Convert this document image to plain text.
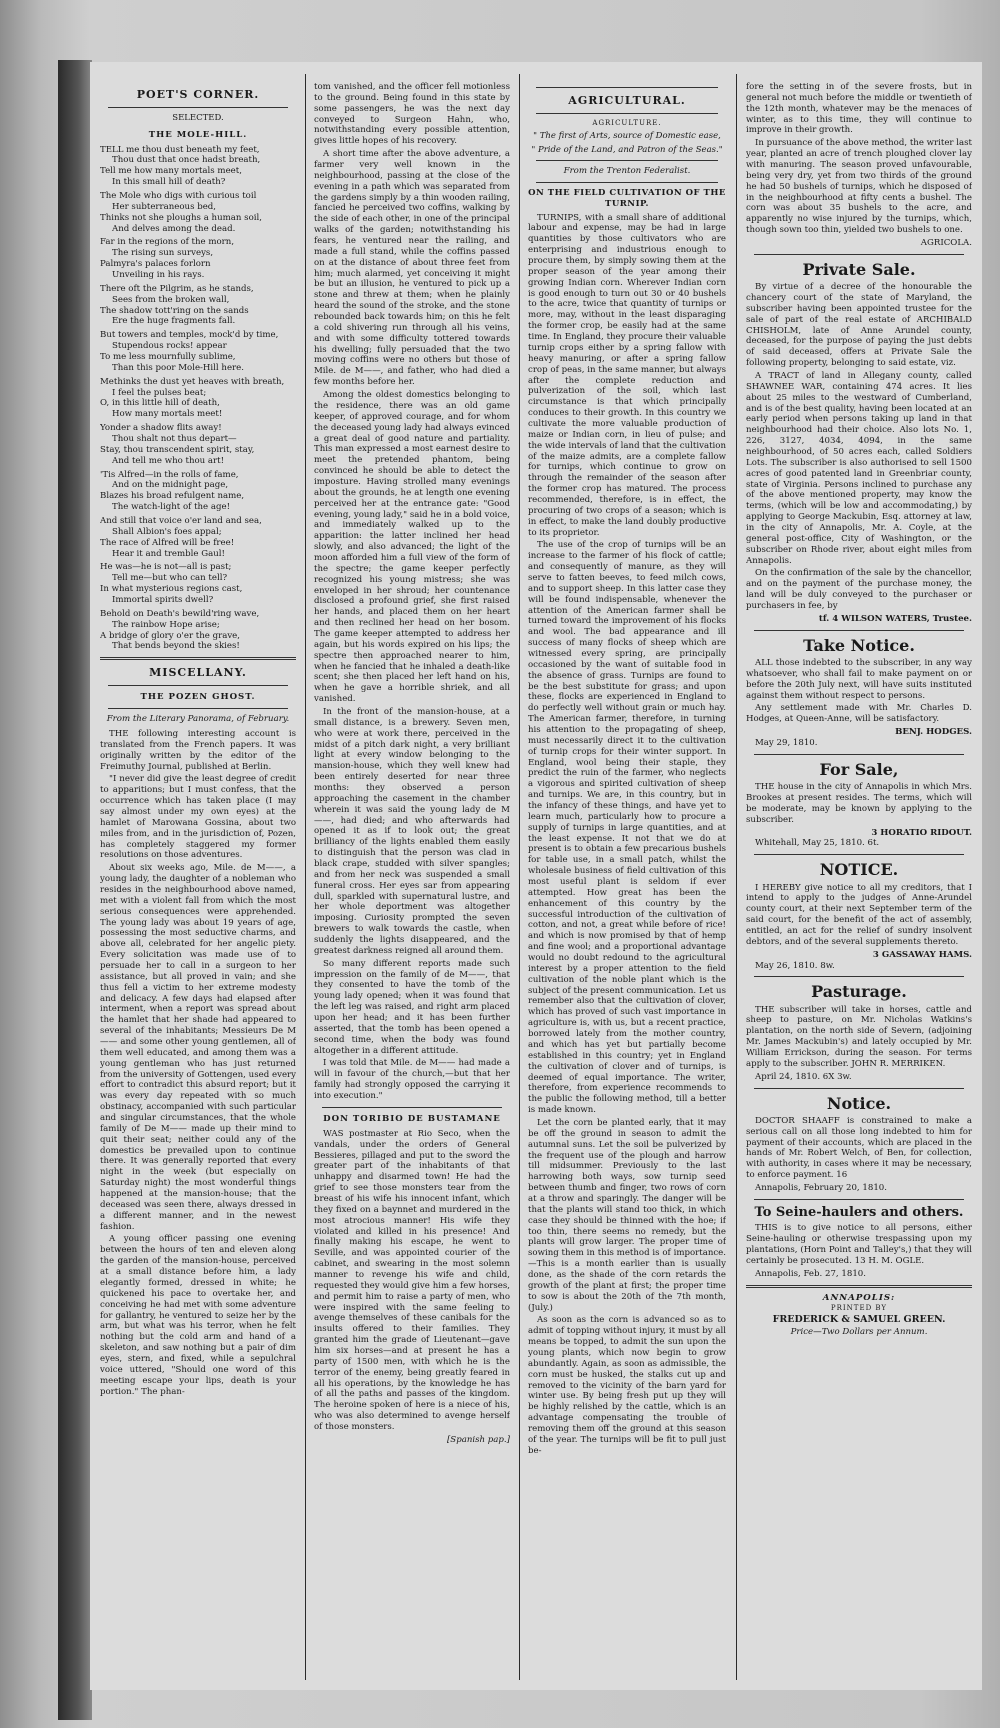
POET'S CORNER.
SELECTED.
THE MOLE-HILL.

TELL me thou dust beneath my feet,

Thou dust that once hadst breath,

Tell me how many mortals meet,

In this small hill of death?

The Mole who digs with curious toil

Her subterraneous bed,

Thinks not she ploughs a human soil,

And delves among the dead.

Far in the regions of the morn,

The rising sun surveys,

Palmyra's palaces forlorn

Unveiling in his rays.

There oft the Pilgrim, as he stands,

Sees from the broken wall,

The shadow tott'ring on the sands

Ere the huge fragments fall.

But towers and temples, mock'd by time,

Stupendous rocks! appear

To me less mournfully sublime,

Than this poor Mole-Hill here.

Methinks the dust yet heaves with breath,

I feel the pulses beat;

O, in this little hill of death,

How many mortals meet!

Yonder a shadow flits away!

Thou shalt not thus depart—

Stay, thou transcendent spirit, stay,

And tell me who thou art!

'Tis Alfred—in the rolls of fame,

And on the midnight page,

Blazes his broad refulgent name,

The watch-light of the age!

And still that voice o'er land and sea,

Shall Albion's foes appal;

The race of Alfred will be free!

Hear it and tremble Gaul!

He was—he is not—all is past;

Tell me—but who can tell?

In what mysterious regions cast,

Immortal spirits dwell?

Behold on Death's bewild'ring wave,

The rainbow Hope arise;

A bridge of glory o'er the grave,

That bends beyond the skies!

MISCELLANY.
THE POZEN GHOST.
From the Literary Panorama, of February.

THE following interesting account is translated from the French papers. It was originally written by the editor of the Freimuthy Journal, published at Berlin.

"I never did give the least degree of credit to apparitions; but I must confess, that the occurrence which has taken place (I may say almost under my own eyes) at the hamlet of Marowana Gossina, about two miles from, and in the jurisdiction of, Pozen, has completely staggered my former resolutions on those adventures.

About six weeks ago, Mile. de M——, a young lady, the daughter of a nobleman who resides in the neighbourhood above named, met with a violent fall from which the most serious consequences were apprehended. The young lady was about 19 years of age, possessing the most seductive charms, and above all, celebrated for her angelic piety. Every solicitation was made use of to persuade her to call in a surgeon to her assistance, but all proved in vain; and she thus fell a victim to her extreme modesty and delicacy. A few days had elapsed after interment, when a report was spread about the hamlet that her shade had appeared to several of the inhabitants; Messieurs De M—— and some other young gentlemen, all of them well educated, and among them was a young gentleman who has just returned from the university of Gottengen, used every effort to contradict this absurd report; but it was every day repeated with so much obstinacy, accompanied with such particular and singular circumstances, that the whole family of De M—— made up their mind to quit their seat; neither could any of the domestics be prevailed upon to continue there. It was generally reported that every night in the week (but especially on Saturday night) the most wonderful things happened at the mansion-house; that the deceased was seen there, always dressed in a different manner, and in the newest fashion.

A young officer passing one evening between the hours of ten and eleven along the garden of the mansion-house, perceived at a small distance before him, a lady elegantly formed, dressed in white; he quickened his pace to overtake her, and conceiving he had met with some adventure for gallantry, he ventured to seize her by the arm, but what was his terror, when he felt nothing but the cold arm and hand of a skeleton, and saw nothing but a pair of dim eyes, stern, and fixed, while a sepulchral voice uttered, "Should one word of this meeting escape your lips, death is your portion." The phan-

tom vanished, and the officer fell motionless to the ground. Being found in this state by some passengers, he was the next day conveyed to Surgeon Hahn, who, notwithstanding every possible attention, gives little hopes of his recovery.

A short time after the above adventure, a farmer very well known in the neighbourhood, passing at the close of the evening in a path which was separated from the gardens simply by a thin wooden railing, fancied he perceived two coffins, walking by the side of each other, in one of the principal walks of the garden; notwithstanding his fears, he ventured near the railing, and made a full stand, while the coffins passed on at the distance of about three feet from him; much alarmed, yet conceiving it might be but an illusion, he ventured to pick up a stone and threw at them; when he plainly heard the sound of the stroke, and the stone rebounded back towards him; on this he felt a cold shivering run through all his veins, and with some difficulty tottered towards his dwelling; fully persuaded that the two moving coffins were no others but those of Mile. de M——, and father, who had died a few months before her.

Among the oldest domestics belonging to the residence, there was an old game keeper, of approved courage, and for whom the deceased young lady had always evinced a great deal of good nature and partiality. This man expressed a most earnest desire to meet the pretended phantom, being convinced he should be able to detect the imposture. Having strolled many evenings about the grounds, he at length one evening perceived her at the entrance gate: "Good evening, young lady," said he in a bold voice, and immediately walked up to the apparition: the latter inclined her head slowly, and also advanced; the light of the moon afforded him a full view of the form of the spectre; the game keeper perfectly recognized his young mistress; she was enveloped in her shroud; her countenance disclosed a profound grief, she first raised her hands, and placed them on her heart and then reclined her head on her bosom. The game keeper attempted to address her again, but his words expired on his lips; the spectre then approached nearer to him, when he fancied that he inhaled a death-like scent; she then placed her left hand on his, when he gave a horrible shriek, and all vanished.

In the front of the mansion-house, at a small distance, is a brewery. Seven men, who were at work there, perceived in the midst of a pitch dark night, a very brilliant light at every window belonging to the mansion-house, which they well knew had been entirely deserted for near three months: they observed a person approaching the casement in the chamber wherein it was said the young lady de M——, had died; and who afterwards had opened it as if to look out; the great brilliancy of the lights enabled them easily to distinguish that the person was clad in black crape, studded with silver spangles; and from her neck was suspended a small funeral cross. Her eyes sar from appearing dull, sparkled with supernatural lustre, and her whole deportment was altogether imposing. Curiosity prompted the seven brewers to walk towards the castle, when suddenly the lights disappeared, and the greatest darkness reigned all around them.

So many different reports made such impression on the family of de M——, that they consented to have the tomb of the young lady opened; when it was found that the left leg was raised, and right arm placed upon her head; and it has been further asserted, that the tomb has been opened a second time, when the body was found altogether in a different attitude.

I was told that Mile. de M—— had made a will in favour of the church,—but that her family had strongly opposed the carrying it into execution."

DON TORIBIO DE BUSTAMANE

WAS postmaster at Rio Seco, when the vandals, under the orders of General Bessieres, pillaged and put to the sword the greater part of the inhabitants of that unhappy and disarmed town! He had the grief to see those monsters tear from the breast of his wife his innocent infant, which they fixed on a baynnet and murdered in the most atrocious manner! His wife they violated and killed in his presence! And finally making his escape, he went to Seville, and was appointed courier of the cabinet, and swearing in the most solemn manner to revenge his wife and child, requested they would give him a few horses, and permit him to raise a party of men, who were inspired with the same feeling to avenge themselves of these canibals for the insults offered to their families. They granted him the grade of Lieutenant—gave him six horses—and at present he has a party of 1500 men, with which he is the terror of the enemy, being greatly feared in all his operations, by the knowledge he has of all the paths and passes of the kingdom. The heroine spoken of here is a niece of his, who was also determined to avenge herself of those monsters.

[Spanish pap.]

AGRICULTURAL.
AGRICULTURE.
" The first of Arts, source of Domestic ease,
" Pride of the Land, and Patron of the Seas."
From the Trenton Federalist.
ON THE FIELD CULTIVATION OF THE TURNIP.

TURNIPS, with a small share of additional labour and expense, may be had in large quantities by those cultivators who are enterprising and industrious enough to procure them, by simply sowing them at the proper season of the year among their growing Indian corn. Wherever Indian corn is good enough to turn out 30 or 40 bushels to the acre, twice that quantity of turnips or more, may, without in the least disparaging the former crop, be easily had at the same time. In England, they procure their valuable turnip crops either by a spring fallow with heavy manuring, or after a spring fallow crop of peas, in the same manner, but always after the complete reduction and pulverization of the soil, which last circumstance is that which principally conduces to their growth. In this country we cultivate the more valuable production of maize or Indian corn, in lieu of pulse; and the wide intervals of land that the cultivation of the maize admits, are a complete fallow for turnips, which continue to grow on through the remainder of the season after the former crop has matured. The process recommended, therefore, is in effect, the procuring of two crops of a season; which is in effect, to make the land doubly productive to its proprietor.

The use of the crop of turnips will be an increase to the farmer of his flock of cattle; and consequently of manure, as they will serve to fatten beeves, to feed milch cows, and to support sheep. In this latter case they will be found indispensable, whenever the attention of the American farmer shall be turned toward the improvement of his flocks and wool. The bad appearance and ill success of many flocks of sheep which are witnessed every spring, are principally occasioned by the want of suitable food in the absence of grass. Turnips are found to be the best substitute for grass; and upon these, flocks are experienced in England to do perfectly well without grain or much hay. The American farmer, therefore, in turning his attention to the propagating of sheep, must necessarily direct it to the cultivation of turnip crops for their winter support. In England, wool being their staple, they predict the ruin of the farmer, who neglects a vigorous and spirited cultivation of sheep and turnips. We are, in this country, but in the infancy of these things, and have yet to learn much, particularly how to procure a supply of turnips in large quantities, and at the least expense. It not that we do at present is to obtain a few precarious bushels for table use, in a small patch, whilst the wholesale business of field cultivation of this most useful plant is seldom if ever attempted. How great has been the enhancement of this country by the successful introduction of the cultivation of cotton, and not, a great while before of rice! and which is now promised by that of hemp and fine wool; and a proportional advantage would no doubt redound to the agricultural interest by a proper attention to the field cultivation of the noble plant which is the subject of the present communication. Let us remember also that the cultivation of clover, which has proved of such vast importance in agriculture is, with us, but a recent practice, borrowed lately from the mother country, and which has yet but partially become established in this country; yet in England the cultivation of clover and of turnips, is deemed of equal importance. The writer, therefore, from experience recommends to the public the following method, till a better is made known.

Let the corn be planted early, that it may be off the ground in season to admit the autumnal suns. Let the soil be pulverized by the frequent use of the plough and harrow till midsummer. Previously to the last harrowing both ways, sow turnip seed between thumb and finger, two rows of corn at a throw and sparingly. The danger will be that the plants will stand too thick, in which case they should be thinned with the hoe; if too thin, there seems no remedy, but the plants will grow larger. The proper time of sowing them in this method is of importance.—This is a month earlier than is usually done, as the shade of the corn retards the growth of the plant at first; the proper time to sow is about the 20th of the 7th month, (July.)

As soon as the corn is advanced so as to admit of topping without injury, it must by all means be topped, to admit the sun upon the young plants, which now begin to grow abundantly. Again, as soon as admissible, the corn must be husked, the stalks cut up and removed to the vicinity of the barn yard for winter use. By being fresh put up they will be highly relished by the cattle, which is an advantage compensating the trouble of removing them off the ground at this season of the year. The turnips will be fit to pull just be-

fore the setting in of the severe frosts, but in general not much before the middle or twentieth of the 12th month, whatever may be the menaces of winter, as to this time, they will continue to improve in their growth.

In pursuance of the above method, the writer last year, planted an acre of trench ploughed clover lay with manuring. The season proved unfavourable, being very dry, yet from two thirds of the ground he had 50 bushels of turnips, which he disposed of in the neighbourhood at fifty cents a bushel. The corn was about 35 bushels to the acre, and apparently no wise injured by the turnips, which, though sown too thin, yielded two bushels to one.

AGRICOLA.

Private Sale.

By virtue of a decree of the honourable the chancery court of the state of Maryland, the subscriber having been appointed trustee for the sale of part of the real estate of ARCHIBALD CHISHOLM, late of Anne Arundel county, deceased, for the purpose of paying the just debts of said deceased, offers at Private Sale the following property, belonging to said estate, viz.

A TRACT of land in Allegany county, called SHAWNEE WAR, containing 474 acres. It lies about 25 miles to the westward of Cumberland, and is of the best quality, having been located at an early period when persons taking up land in that neighbourhood had their choice. Also lots No. 1, 226, 3127, 4034, 4094, in the same neighbourhood, of 50 acres each, called Soldiers Lots. The subscriber is also authorised to sell 1500 acres of good patented land in Greenbriar county, state of Virginia. Persons inclined to purchase any of the above mentioned property, may know the terms, (which will be low and accommodating,) by applying to George Mackubin, Esq. attorney at law, in the city of Annapolis, Mr. A. Coyle, at the general post-office, City of Washington, or the subscriber on Rhode river, about eight miles from Annapolis.

On the confirmation of the sale by the chancellor, and on the payment of the purchase money, the land will be duly conveyed to the purchaser or purchasers in fee, by

tf. 4 WILSON WATERS, Trustee.

Take Notice.

ALL those indebted to the subscriber, in any way whatsoever, who shall fail to make payment on or before the 20th July next, will have suits instituted against them without respect to persons.

Any settlement made with Mr. Charles D. Hodges, at Queen-Anne, will be satisfactory.

BENJ. HODGES.

May 29, 1810.

For Sale,

THE house in the city of Annapolis in which Mrs. Brookes at present resides. The terms, which will be moderate, may be known by applying to the subscriber.

3 HORATIO RIDOUT.

Whitehall, May 25, 1810. 6t.

NOTICE.

I HEREBY give notice to all my creditors, that I intend to apply to the judges of Anne-Arundel county court, at their next September term of the said court, for the benefit of the act of assembly, entitled, an act for the relief of sundry insolvent debtors, and of the several supplements thereto.

3 GASSAWAY HAMS.

May 26, 1810. 8w.

Pasturage.

THE subscriber will take in horses, cattle and sheep to pasture, on Mr. Nicholas Watkins's plantation, on the north side of Severn, (adjoining Mr. James Mackubin's) and lately occupied by Mr. William Errickson, during the season. For terms apply to the subscriber. JOHN R. MERRIKEN.

April 24, 1810. 6X 3w.

Notice.

DOCTOR SHAAFF is constrained to make a serious call on all those long indebted to him for payment of their accounts, which are placed in the hands of Mr. Robert Welch, of Ben, for collection, with authority, in cases where it may be necessary, to enforce payment. 16

Annapolis, February 20, 1810.

To Seine-haulers and others.

THIS is to give notice to all persons, either Seine-hauling or otherwise trespassing upon my plantations, (Horn Point and Talley's,) that they will certainly be prosecuted. 13 H. M. OGLE.

Annapolis, Feb. 27, 1810.

ANNAPOLIS:

PRINTED BY

FREDERICK & SAMUEL GREEN.

Price—Two Dollars per Annum.
